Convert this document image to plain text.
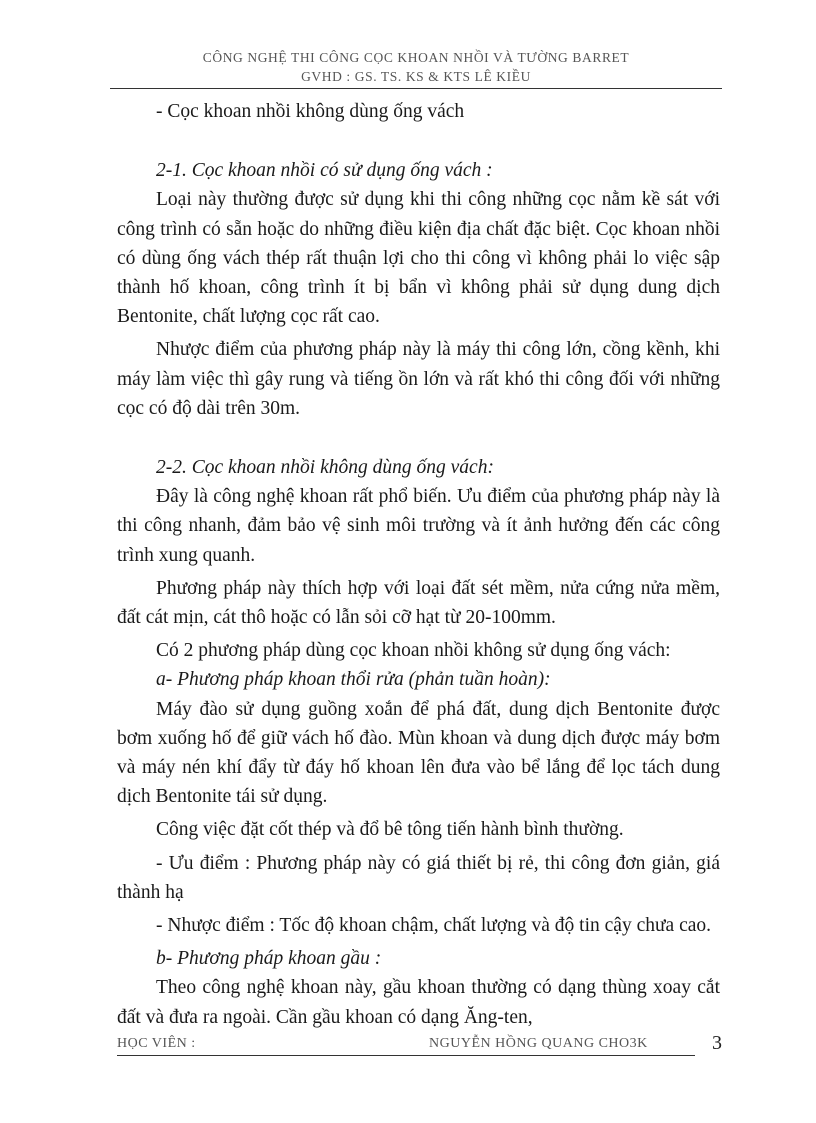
CÔNG NGHỆ THI CÔNG CỌC KHOAN NHỒI VÀ TƯỜNG BARRET
GVHD : GS. TS. KS & KTS LÊ KIỀU

- Cọc khoan nhồi không dùng ống vách

2-1. Cọc khoan nhồi có sử dụng ống vách :

Loại này thường được sử dụng khi thi công những cọc nằm kề sát với công trình có sẵn hoặc do những điều kiện địa chất đặc biệt. Cọc khoan nhồi có dùng ống vách thép rất thuận lợi cho thi công vì không phải lo việc sập thành hố khoan, công trình ít bị bẩn vì không phải sử dụng dung dịch Bentonite, chất lượng cọc rất cao.

Nhược điểm của phương pháp này là máy thi công lớn, cồng kềnh, khi máy làm việc thì gây rung và tiếng ồn lớn và rất khó thi công đối với những cọc có độ dài trên 30m.

2-2. Cọc khoan nhồi không dùng ống vách:

Đây là công nghệ khoan rất phổ biến. Ưu điểm của phương pháp này là thi công nhanh, đảm bảo vệ sinh môi trường và ít ảnh hưởng đến các công trình xung quanh.

Phương pháp này thích hợp với loại đất sét mềm, nửa cứng nửa mềm, đất cát mịn, cát thô hoặc có lẫn sỏi cỡ hạt từ 20-100mm.

Có 2 phương pháp dùng cọc khoan nhồi không sử dụng ống vách:

a- Phương pháp khoan thổi rửa (phản tuần hoàn):

Máy đào sử dụng guồng xoắn để phá đất, dung dịch Bentonite được bơm xuống hố để giữ vách hố đào. Mùn khoan và dung dịch được máy bơm và máy nén khí đẩy từ đáy hố khoan lên đưa vào bể lắng để lọc tách dung dịch Bentonite tái sử dụng.

Công việc đặt cốt thép và đổ bê tông tiến hành bình thường.

- Ưu điểm : Phương pháp này có giá thiết bị rẻ, thi công đơn giản, giá thành hạ

- Nhược điểm : Tốc độ khoan chậm, chất lượng và độ tin cậy chưa cao.

b- Phương pháp khoan gầu :

Theo công nghệ khoan này, gầu khoan thường có dạng thùng xoay cắt đất và đưa ra ngoài. Cần gầu khoan có dạng Ăng-ten,

HỌC VIÊN :	NGUYỄN HỒNG QUANG CHO3K	3
